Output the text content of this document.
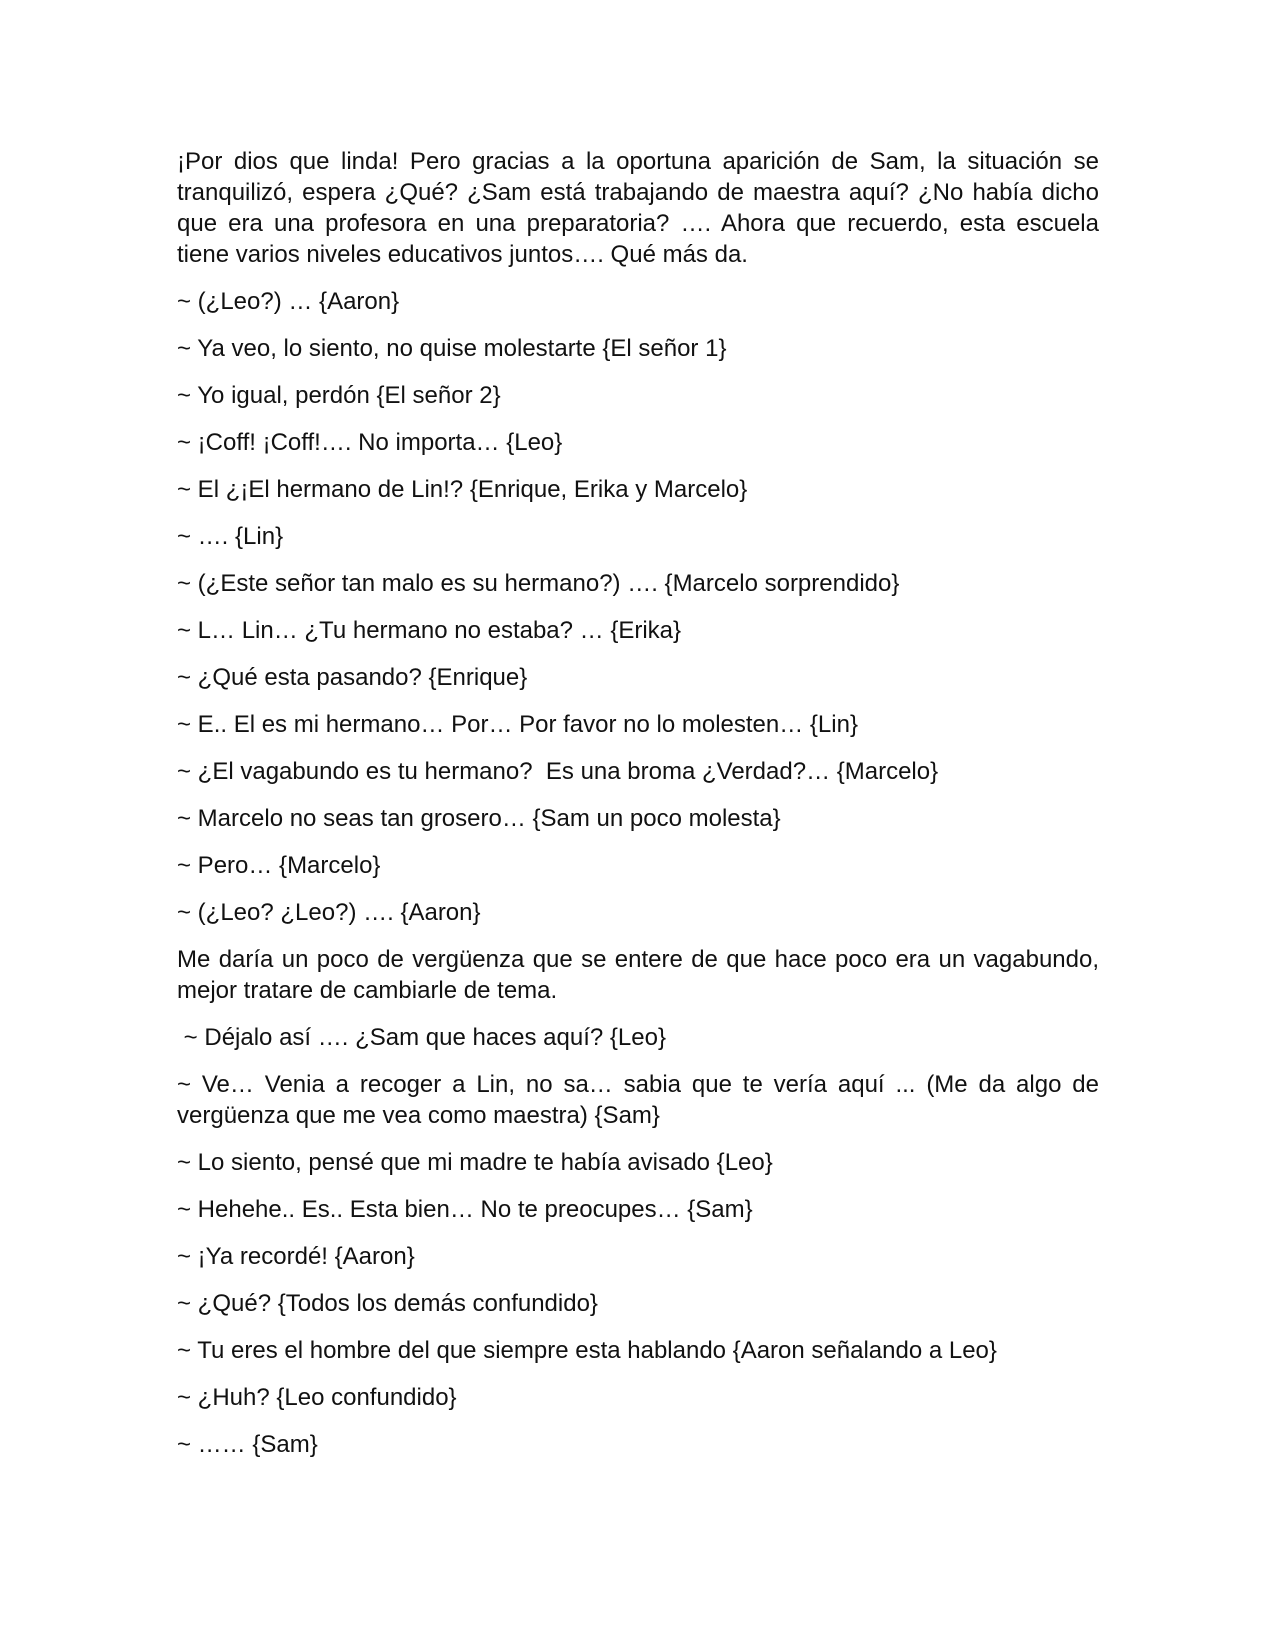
¡Por dios que linda! Pero gracias a la oportuna aparición de Sam, la situación se tranquilizó, espera ¿Qué? ¿Sam está trabajando de maestra aquí? ¿No había dicho que era una profesora en una preparatoria? …. Ahora que recuerdo, esta escuela tiene varios niveles educativos juntos…. Qué más da.

~ (¿Leo?) … {Aaron}
~ Ya veo, lo siento, no quise molestarte {El señor 1}
~ Yo igual, perdón {El señor 2}
~ ¡Coff! ¡Coff!…. No importa… {Leo}
~ El ¿¡El hermano de Lin!? {Enrique, Erika y Marcelo}
~ …. {Lin}
~ (¿Este señor tan malo es su hermano?) …. {Marcelo sorprendido}
~ L… Lin… ¿Tu hermano no estaba? … {Erika}
~ ¿Qué esta pasando? {Enrique}
~ E.. El es mi hermano… Por… Por favor no lo molesten… {Lin}
~ ¿El vagabundo es tu hermano?  Es una broma ¿Verdad?… {Marcelo}
~ Marcelo no seas tan grosero… {Sam un poco molesta}
~ Pero… {Marcelo}
~ (¿Leo? ¿Leo?) …. {Aaron}

Me daría un poco de vergüenza que se entere de que hace poco era un vagabundo, mejor tratare de cambiarle de tema.

~ Déjalo así …. ¿Sam que haces aquí? {Leo}
~ Ve… Venia a recoger a Lin, no sa… sabia que te vería aquí ... (Me da algo de vergüenza que me vea como maestra) {Sam}
~ Lo siento, pensé que mi madre te había avisado {Leo}
~ Hehehe.. Es.. Esta bien… No te preocupes… {Sam}
~ ¡Ya recordé! {Aaron}
~ ¿Qué? {Todos los demás confundido}
~ Tu eres el hombre del que siempre esta hablando {Aaron señalando a Leo}
~ ¿Huh? {Leo confundido}
~ …… {Sam}
